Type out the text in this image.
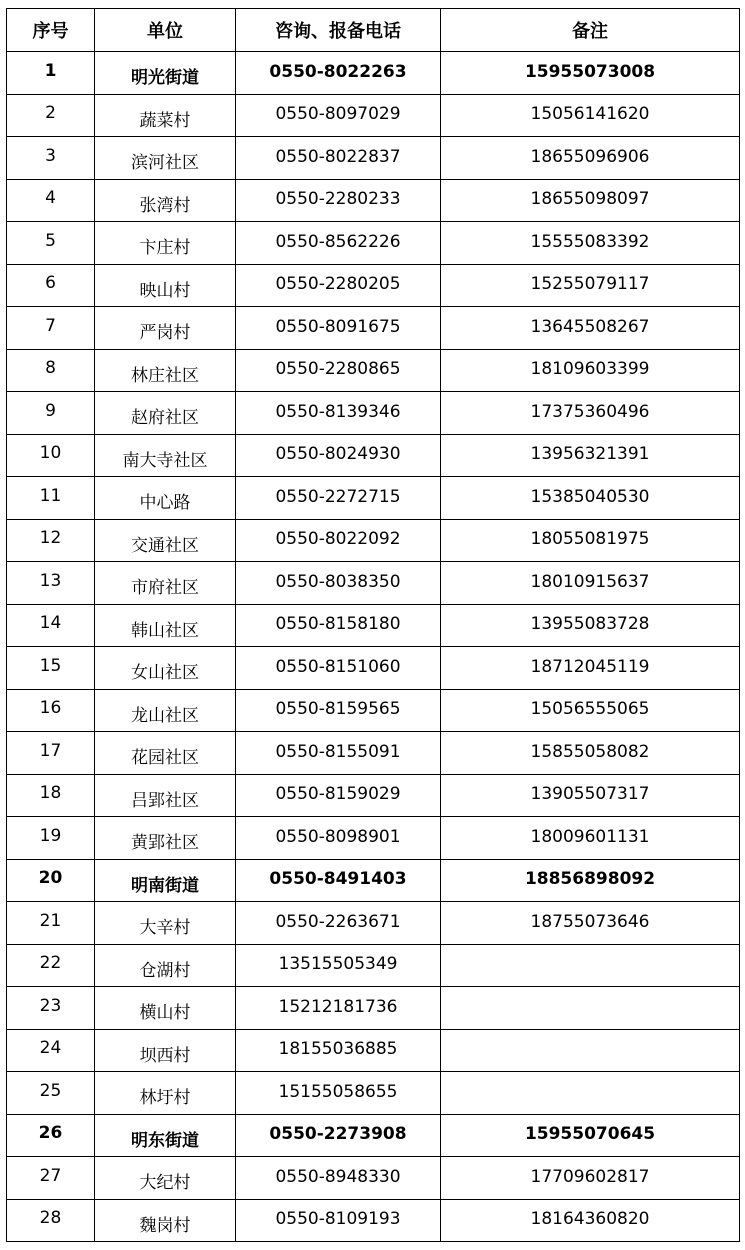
序号	单位	咨询、报备电话	备注
1	明光街道	0550-8022263	15955073008
2	蔬菜村	0550-8097029	15056141620
3	滨河社区	0550-8022837	18655096906
4	张湾村	0550-2280233	18655098097
5	卞庄村	0550-8562226	15555083392
6	映山村	0550-2280205	15255079117
7	严岗村	0550-8091675	13645508267
8	林庄社区	0550-2280865	18109603399
9	赵府社区	0550-8139346	17375360496
10	南大寺社区	0550-8024930	13956321391
11	中心路	0550-2272715	15385040530
12	交通社区	0550-8022092	18055081975
13	市府社区	0550-8038350	18010915637
14	韩山社区	0550-8158180	13955083728
15	女山社区	0550-8151060	18712045119
16	龙山社区	0550-8159565	15056555065
17	花园社区	0550-8155091	15855058082
18	吕郢社区	0550-8159029	13905507317
19	黄郢社区	0550-8098901	18009601131
20	明南街道	0550-8491403	18856898092
21	大辛村	0550-2263671	18755073646
22	仓湖村	13515505349	
23	横山村	15212181736	
24	坝西村	18155036885	
25	林圩村	15155058655	
26	明东街道	0550-2273908	15955070645
27	大纪村	0550-8948330	17709602817
28	魏岗村	0550-8109193	18164360820
